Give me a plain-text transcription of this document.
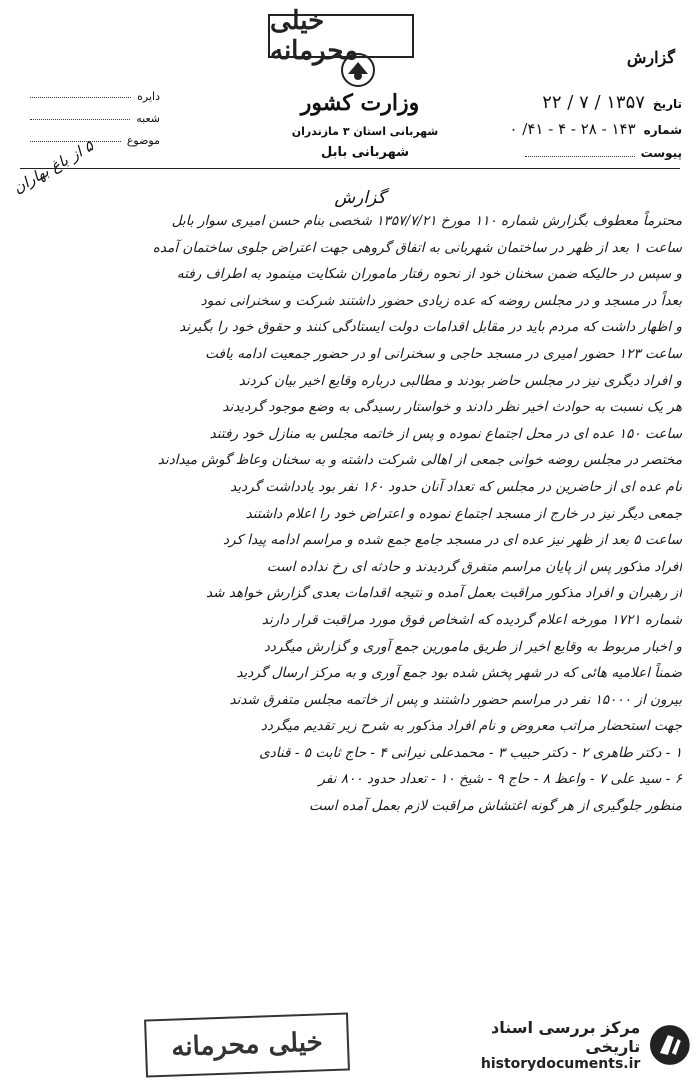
خیلی محرمانه
وزارت کشور
شهربانی استان ۳ مازندران
شهربانی بابل
دایره
شعبه
موضوع
گزارش
تاریخ
۱۳۵۷ / ۷ / ۲۲
شماره
۱۴۳ - ۲۸ - ۴ - ۴۱/ ۰
پیوست
۵ از باغ بهاران
گزارش
محترماً معطوف بگزارش شماره ۱۱۰ مورخ ۱۳۵۷/۷/۲۱ شخصی بنام حسن امیری سوار بابل
ساعت ۱ بعد از ظهر در ساختمان شهربانی به اتفاق گروهی جهت اعتراض جلوی ساختمان آمده
و سپس در حالیکه ضمن سخنان خود از نحوه رفتار ماموران شکایت مینمود به اطراف رفته
بعداً در مسجد و در مجلس روضه که عده زیادی حضور داشتند شرکت و سخنرانی نمود
و اظهار داشت که مردم باید در مقابل اقدامات دولت ایستادگی کنند و حقوق خود را بگیرند
ساعت ۱۲۳ حضور امیری در مسجد حاجی و سخنرانی او در حضور جمعیت ادامه یافت
و افراد دیگری نیز در مجلس حاضر بودند و مطالبی درباره وقایع اخیر بیان کردند
هر یک نسبت به حوادث اخیر نظر دادند و خواستار رسیدگی به وضع موجود گردیدند
ساعت ۱۵۰ عده ای در محل اجتماع نموده و پس از خاتمه مجلس به منازل خود رفتند
مختصر در مجلس روضه خوانی جمعی از اهالی شرکت داشته و به سخنان وعاظ گوش میدادند
نام عده ای از حاضرین در مجلس که تعداد آنان حدود ۱۶۰ نفر بود یادداشت گردید
جمعی دیگر نیز در خارج از مسجد اجتماع نموده و اعتراض خود را اعلام داشتند
ساعت ۵ بعد از ظهر نیز عده ای در مسجد جامع جمع شده و مراسم ادامه پیدا کرد
افراد مذکور پس از پایان مراسم متفرق گردیدند و حادثه ای رخ نداده است
از رهبران و افراد مذکور مراقبت بعمل آمده و نتیجه اقدامات بعدی گزارش خواهد شد
شماره ۱۷۲۱ مورخه اعلام گردیده که اشخاص فوق مورد مراقبت قرار دارند
و اخبار مربوط به وقایع اخیر از طریق مامورین جمع آوری و گزارش میگردد
ضمناً اعلامیه هائی که در شهر پخش شده بود جمع آوری و به مرکز ارسال گردید
بیرون از ۱۵۰۰۰ نفر در مراسم حضور داشتند و پس از خاتمه مجلس متفرق شدند
جهت استحضار مراتب معروض و نام افراد مذکور به شرح زیر تقدیم میگردد
۱ - دکتر طاهری ۲ - دکتر حبیب ۳ - محمدعلی نیرانی ۴ - حاج ثابت ۵ - قنادی
۶ - سید علی ۷ - واعظ ۸ - حاج ۹ - شیخ ۱۰ - تعداد حدود ۸۰۰ نفر
منظور جلوگیری از هر گونه اغتشاش مراقبت لازم بعمل آمده است
خیلی محرمانه	مرکز بررسی اسناد تاریخی
historydocuments.ir
